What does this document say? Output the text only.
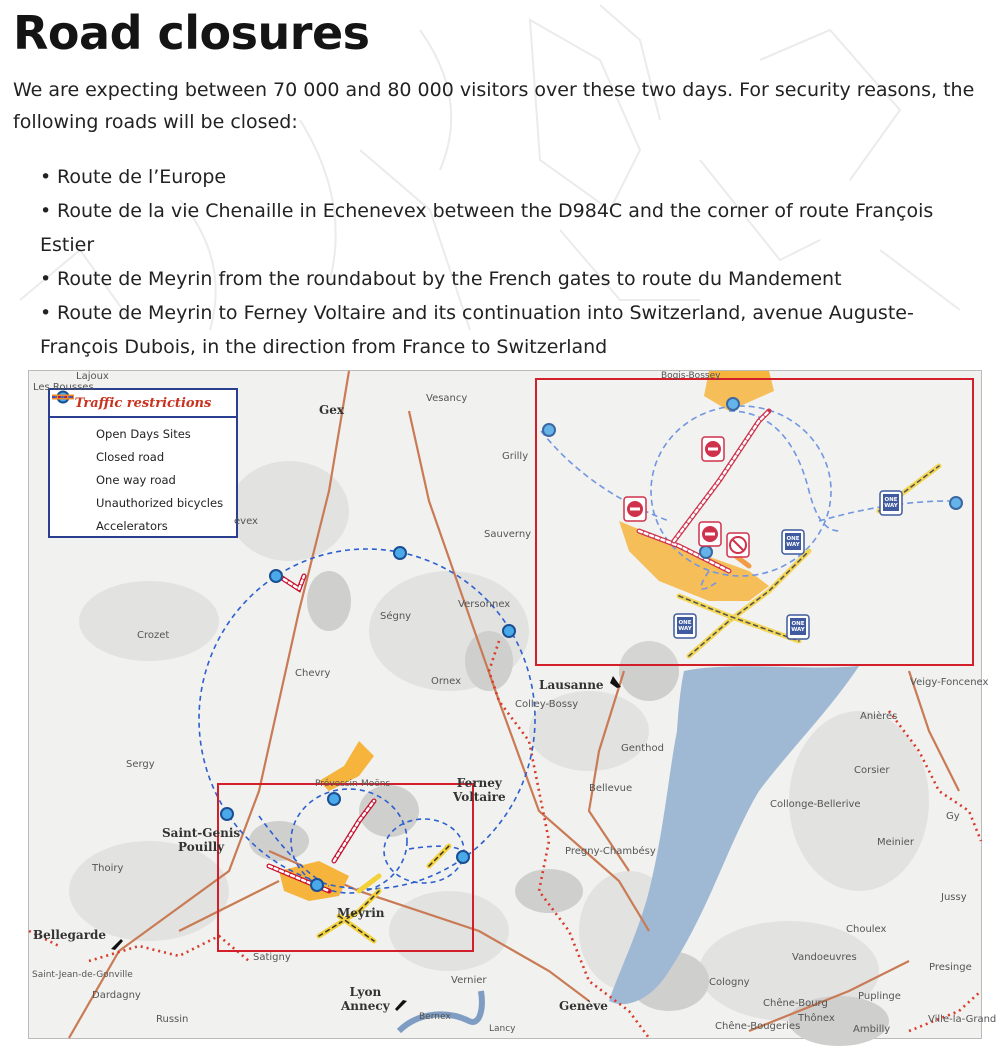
Road closures

We are expecting between 70 000 and 80 000 visitors over these two days. For security reasons, the following roads will be closed:

• Route de l’Europe
• Route de la vie Chenaille in Echenevex between the D984C and the corner of route François Estier
• Route de Meyrin from the roundabout by the French gates to route du Mandement
• Route de Meyrin to Ferney Voltaire and its continuation into Switzerland, avenue Auguste-François Dubois, in the direction from France to Switzerland
ONE
WAY
ONE
WAY
ONE
WAY
ONE
WAY
Traffic restrictions
Open Days Sites
Closed road
One way road
Unauthorized bicycles
Accelerators
Gex
Lausanne
Ferney
Voltaire
Saint-Genis
Pouilly
Meyrin
Bellegarde
Lyon
Annecy	Genève
Lajoux
Les Rousses
Vesancy
Grilly
Sauverny
Versonnex
Ségny
Crozet
Chevry
Ornex
Colley-Bossy
Genthod
Sergy
Prévessin-Moëns	Bellevue
Thoiry
Pregny-Chambésy
Collonge-Bellerive
Meinier
Anières
Veigy-Foncenex
Corsier
Gy
Jussy
Choulex
Vandoeuvres
Presinge
Cologny
Chêne-Bourg
Puplinge
Thônex	Ville-la-Grand
Ambilly
Chêne-Bougeries
Satigny
Vernier
Dardagny
Saint-Jean-de-Gonville
Russin	Bernex
Lancy
Bogis-Bossey
evex
